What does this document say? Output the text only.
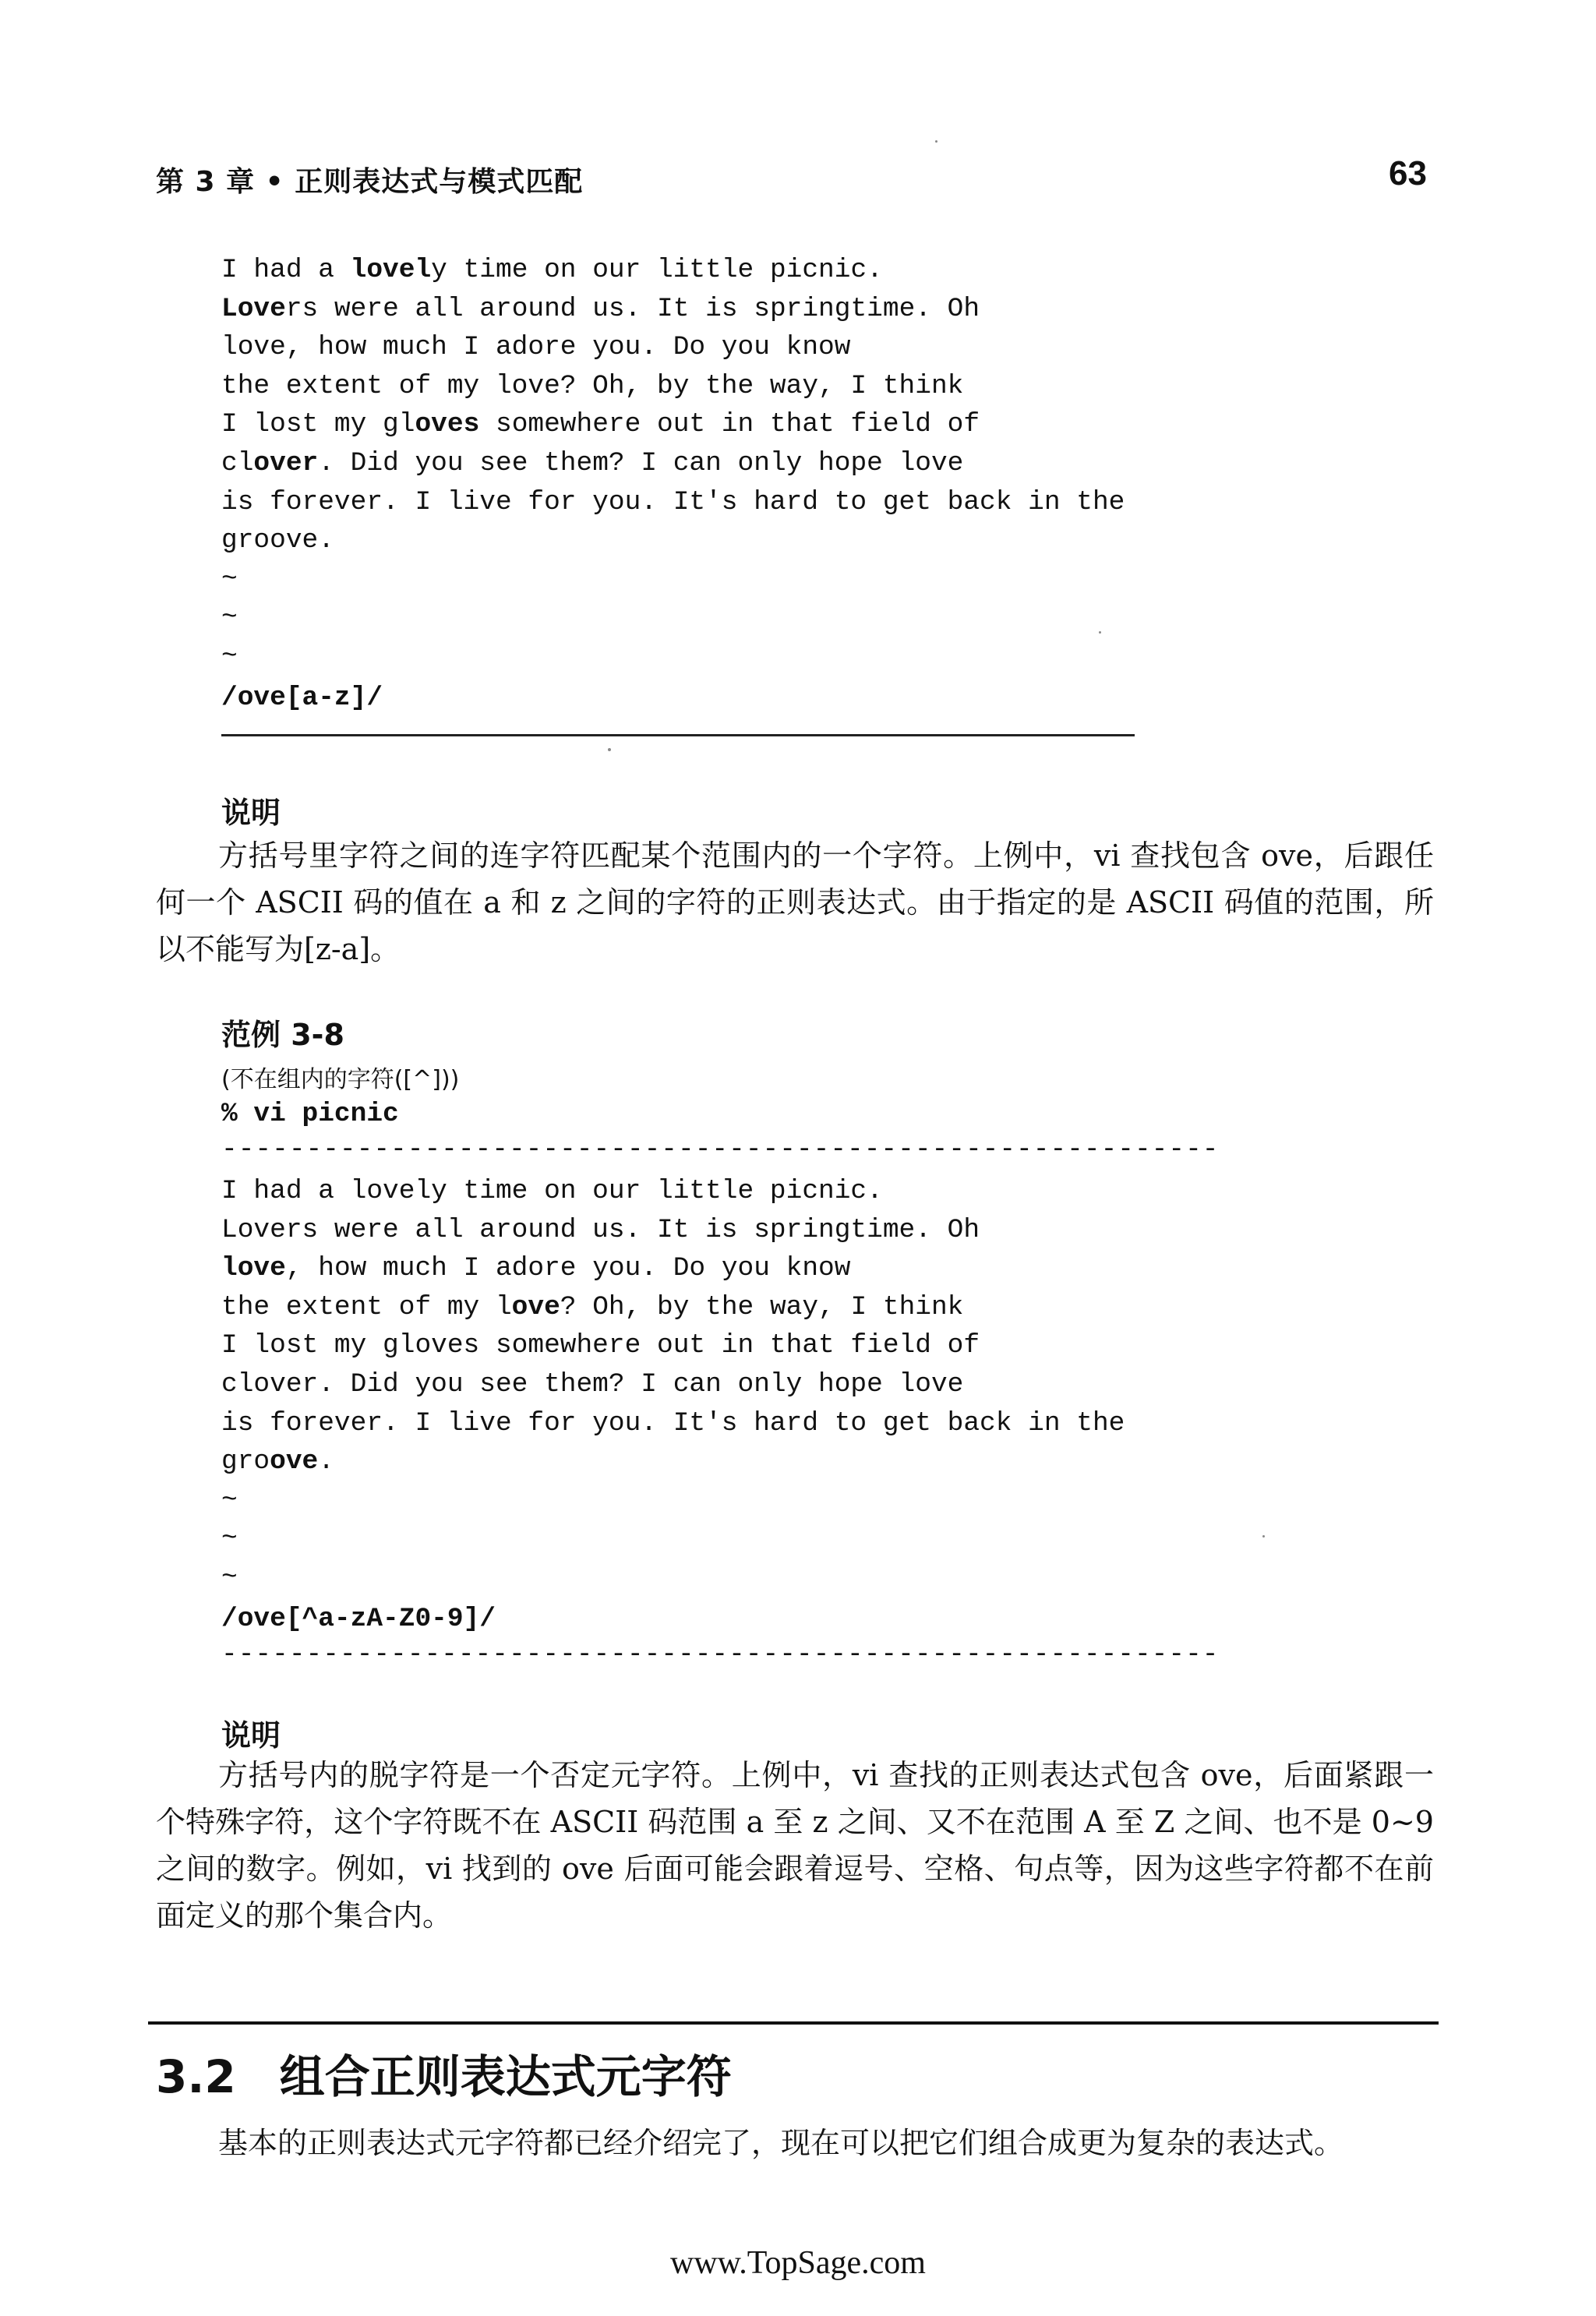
第 3 章 • 正则表达式与模式匹配	63
I had a lovely time on our little picnic.
Lovers were all around us. It is springtime. Oh
love, how much I adore you. Do you know
the extent of my love? Oh, by the way, I think
I lost my gloves somewhere out in that field of
clover. Did you see them? I can only hope love
is forever. I live for you. It's hard to get back in the
groove.
~
~
~
/ove[a-z]/
说明

方括号里字符之间的连字符匹配某个范围内的一个字符。上例中，vi 查找包含 ove，后跟任何一个 ASCII 码的值在 a 和 z 之间的字符的正则表达式。由于指定的是 ASCII 码值的范围，所以不能写为[z-a]。

范例 3-8
(不在组内的字符([^]))
% vi picnic
-----------------------------------------------------------
I had a lovely time on our little picnic.
Lovers were all around us. It is springtime. Oh
love, how much I adore you. Do you know
the extent of my love? Oh, by the way, I think
I lost my gloves somewhere out in that field of
clover. Did you see them? I can only hope love
is forever. I live for you. It's hard to get back in the
groove.
~
~
~
/ove[^a-zA-Z0-9]/
-----------------------------------------------------------
说明

方括号内的脱字符是一个否定元字符。上例中，vi 查找的正则表达式包含 ove，后面紧跟一个特殊字符，这个字符既不在 ASCII 码范围 a 至 z 之间、又不在范围 A 至 Z 之间、也不是 0~9 之间的数字。例如，vi 找到的 ove 后面可能会跟着逗号、空格、句点等，因为这些字符都不在前面定义的那个集合内。

3.2 组合正则表达式元字符

基本的正则表达式元字符都已经介绍完了，现在可以把它们组合成更为复杂的表达式。

www.TopSage.com
